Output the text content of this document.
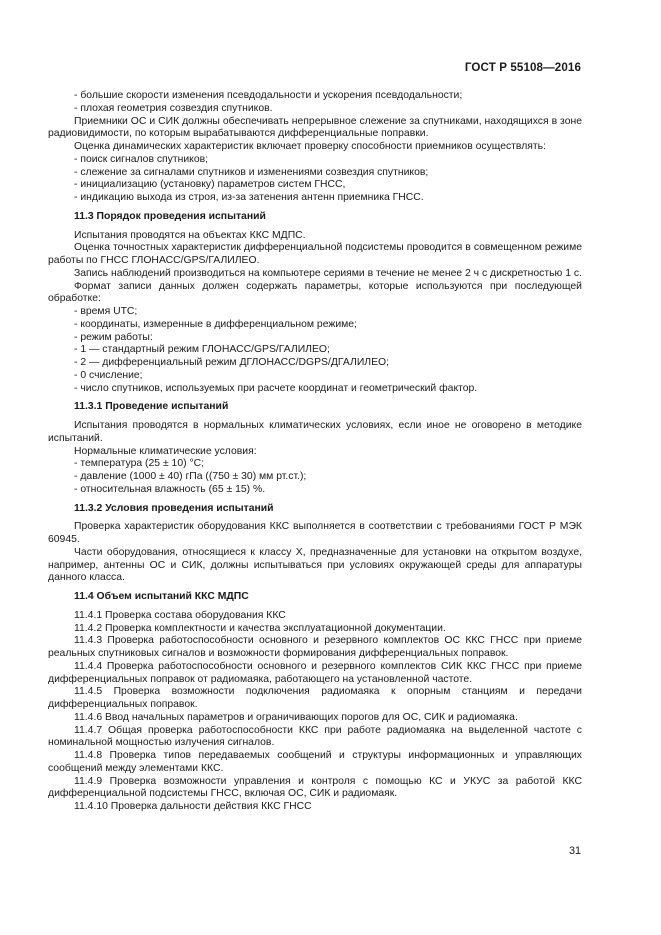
ГОСТ Р 55108—2016

- большие скорости изменения псевдодальности и ускорения псевдодальности;

- плохая геометрия созвездия спутников.

Приемники ОС и СИК должны обеспечивать непрерывное слежение за спутниками, находящихся в зоне радиовидимости, по которым вырабатываются дифференциальные поправки.

Оценка динамических характеристик включает проверку способности приемников осуществлять:

- поиск сигналов спутников;

- слежение за сигналами спутников и изменениями созвездия спутников;

- инициализацию (установку) параметров систем ГНСС,

- индикацию выхода из строя, из-за затенения антенн приемника ГНСС.

11.3 Порядок проведения испытаний

Испытания проводятся на объектах ККС МДПС.

Оценка точностных характеристик дифференциальной подсистемы проводится в совмещенном режиме работы по ГНСС ГЛОНАСС/GPS/ГАЛИЛЕО.

Запись наблюдений производиться на компьютере сериями в течение не менее 2 ч с дискретностью 1 с.

Формат записи данных должен содержать параметры, которые используются при последующей обработке:

- время UTC;

- координаты, измеренные в дифференциальном режиме;

- режим работы:

- 1 — стандартный режим ГЛОНАСС/GPS/ГАЛИЛЕО;

- 2 — дифференциальный режим ДГЛОНАСС/DGPS/ДГАЛИЛЕО;

- 0 счисление;

- число спутников, используемых при расчете координат и геометрический фактор.

11.3.1 Проведение испытаний

Испытания проводятся в нормальных климатических условиях, если иное не оговорено в методике испытаний.

Нормальные климатические условия:

- температура (25 ± 10) °С;

- давление (1000 ± 40) гПа ((750 ± 30) мм рт.ст.);

- относительная влажность (65 ± 15) %.

11.3.2 Условия проведения испытаний

Проверка характеристик оборудования ККС выполняется в соответствии с требованиями ГОСТ Р МЭК 60945.

Части оборудования, относящиеся к классу X, предназначенные для установки на открытом воздухе, например, антенны ОС и СИК, должны испытываться при условиях окружающей среды для аппаратуры данного класса.

11.4 Объем испытаний ККС МДПС

11.4.1 Проверка состава оборудования ККС

11.4.2 Проверка комплектности и качества эксплуатационной документации.

11.4.3 Проверка работоспособности основного и резервного комплектов ОС ККС ГНСС при приеме реальных спутниковых сигналов и возможности формирования дифференциальных поправок.

11.4.4 Проверка работоспособности основного и резервного комплектов СИК ККС ГНСС при приеме дифференциальных поправок от радиомаяка, работающего на установленной частоте.

11.4.5 Проверка возможности подключения радиомаяка к опорным станциям и передачи дифференциальных поправок.

11.4.6 Ввод начальных параметров и ограничивающих порогов для ОС, СИК и радиомаяка.

11.4.7 Общая проверка работоспособности ККС при работе радиомаяка на выделенной частоте с номинальной мощностью излучения сигналов.

11.4.8 Проверка типов передаваемых сообщений и структуры информационных и управляющих сообщений между элементами ККС.

11.4.9 Проверка возможности управления и контроля с помощью КС и УКУС за работой ККС дифференциальной подсистемы ГНСС, включая ОС, СИК и радиомаяк.

11.4.10 Проверка дальности действия ККС ГНСС

31
